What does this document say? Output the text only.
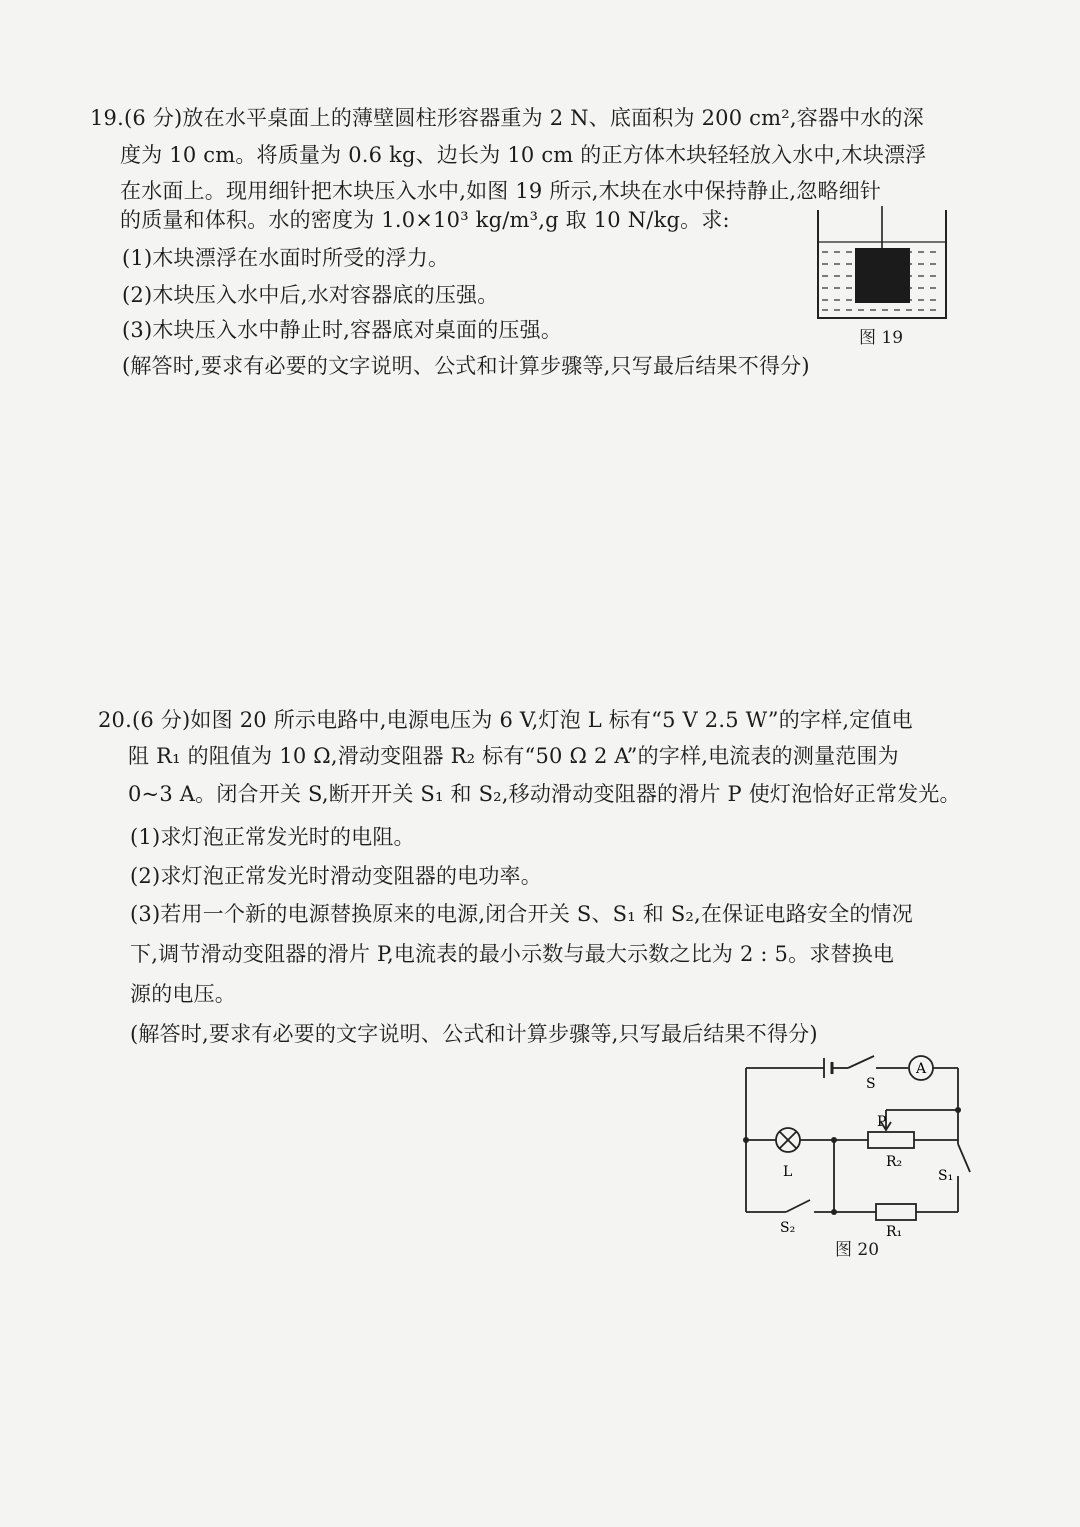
19.(6 分)放在水平桌面上的薄壁圆柱形容器重为 2 N、底面积为 200 cm²,容器中水的深
度为 10 cm。将质量为 0.6 kg、边长为 10 cm 的正方体木块轻轻放入水中,木块漂浮
在水面上。现用细针把木块压入水中,如图 19 所示,木块在水中保持静止,忽略细针
的质量和体积。水的密度为 1.0×10³ kg/m³,g 取 10 N/kg。求:
(1)木块漂浮在水面时所受的浮力。
(2)木块压入水中后,水对容器底的压强。
(3)木块压入水中静止时,容器底对桌面的压强。
(解答时,要求有必要的文字说明、公式和计算步骤等,只写最后结果不得分)
图 19
20.(6 分)如图 20 所示电路中,电源电压为 6 V,灯泡 L 标有“5 V 2.5 W”的字样,定值电
阻 R₁ 的阻值为 10 Ω,滑动变阻器 R₂ 标有“50 Ω 2 A”的字样,电流表的测量范围为
0~3 A。闭合开关 S,断开开关 S₁ 和 S₂,移动滑动变阻器的滑片 P 使灯泡恰好正常发光。
(1)求灯泡正常发光时的电阻。
(2)求灯泡正常发光时滑动变阻器的电功率。
(3)若用一个新的电源替换原来的电源,闭合开关 S、S₁ 和 S₂,在保证电路安全的情况
下,调节滑动变阻器的滑片 P,电流表的最小示数与最大示数之比为 2 : 5。求替换电
源的电压。
(解答时,要求有必要的文字说明、公式和计算步骤等,只写最后结果不得分)
S
A
P
L
R₂
S₁
S₂	R₁
图 20
